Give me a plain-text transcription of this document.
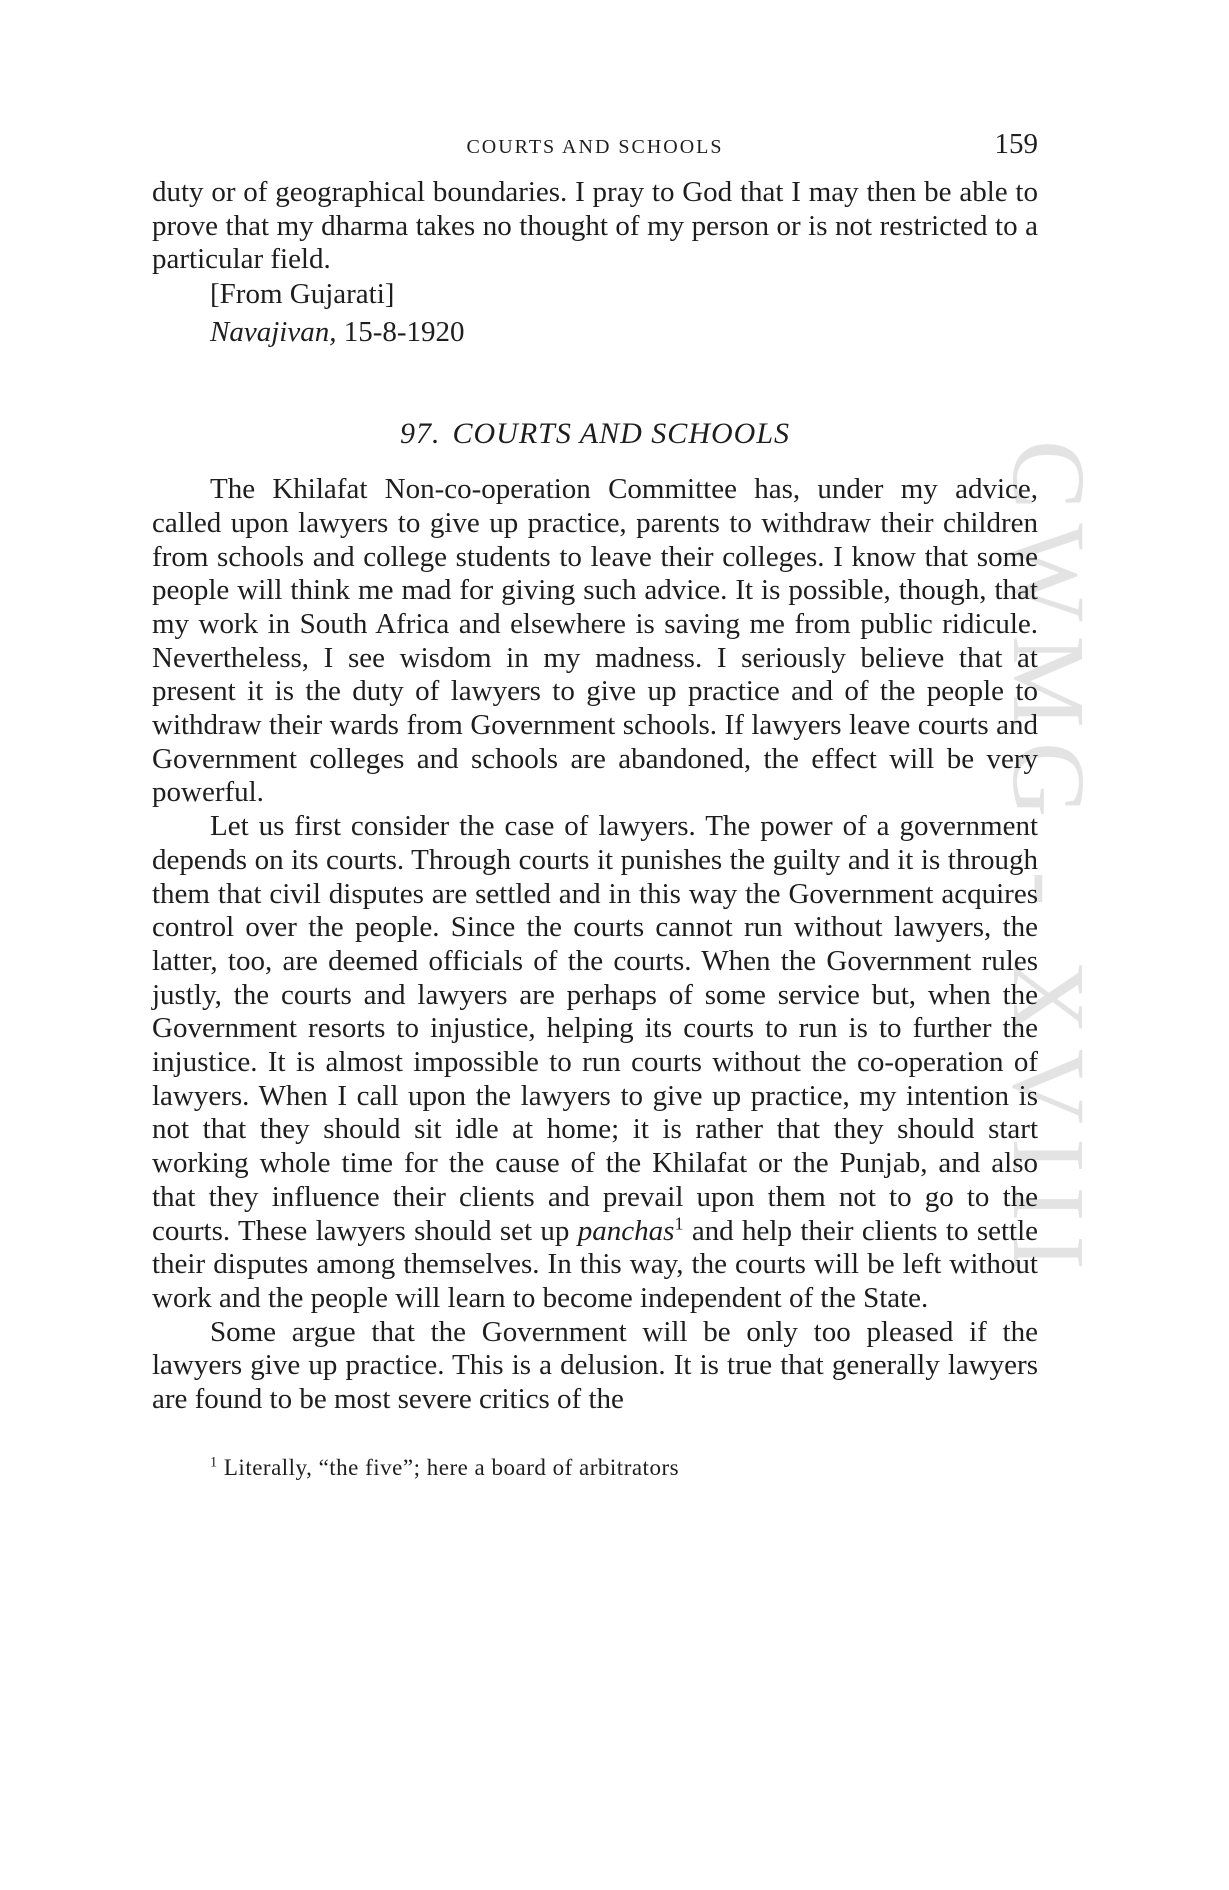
CWMG - XVIII
COURTS AND SCHOOLS	159

duty or of geographical boundaries. I pray to God that I may then be able to prove that my dharma takes no thought of my person or is not restricted to a particular field.

[From Gujarati]
Navajivan, 15-8-1920
97. COURTS AND SCHOOLS

The Khilafat Non-co-operation Committee has, under my advice, called upon lawyers to give up practice, parents to withdraw their children from schools and college students to leave their colleges. I know that some people will think me mad for giving such advice. It is possible, though, that my work in South Africa and elsewhere is saving me from public ridicule. Nevertheless, I see wisdom in my madness. I seriously believe that at present it is the duty of lawyers to give up practice and of the people to withdraw their wards from Government schools. If lawyers leave courts and Government colleges and schools are abandoned, the effect will be very powerful.

Let us first consider the case of lawyers. The power of a government depends on its courts. Through courts it punishes the guilty and it is through them that civil disputes are settled and in this way the Government acquires control over the people. Since the courts cannot run without lawyers, the latter, too, are deemed officials of the courts. When the Government rules justly, the courts and lawyers are perhaps of some service but, when the Government resorts to injustice, helping its courts to run is to further the injustice. It is almost impossible to run courts without the co-operation of lawyers. When I call upon the lawyers to give up practice, my intention is not that they should sit idle at home; it is rather that they should start working whole time for the cause of the Khilafat or the Punjab, and also that they influence their clients and prevail upon them not to go to the courts. These lawyers should set up panchas$^1$ and help their clients to settle their disputes among themselves. In this way, the courts will be left without work and the people will learn to become independent of the State.

Some argue that the Government will be only too pleased if the lawyers give up practice. This is a delusion. It is true that generally lawyers are found to be most severe critics of the

$^1$ Literally, “the five”; here a board of arbitrators
